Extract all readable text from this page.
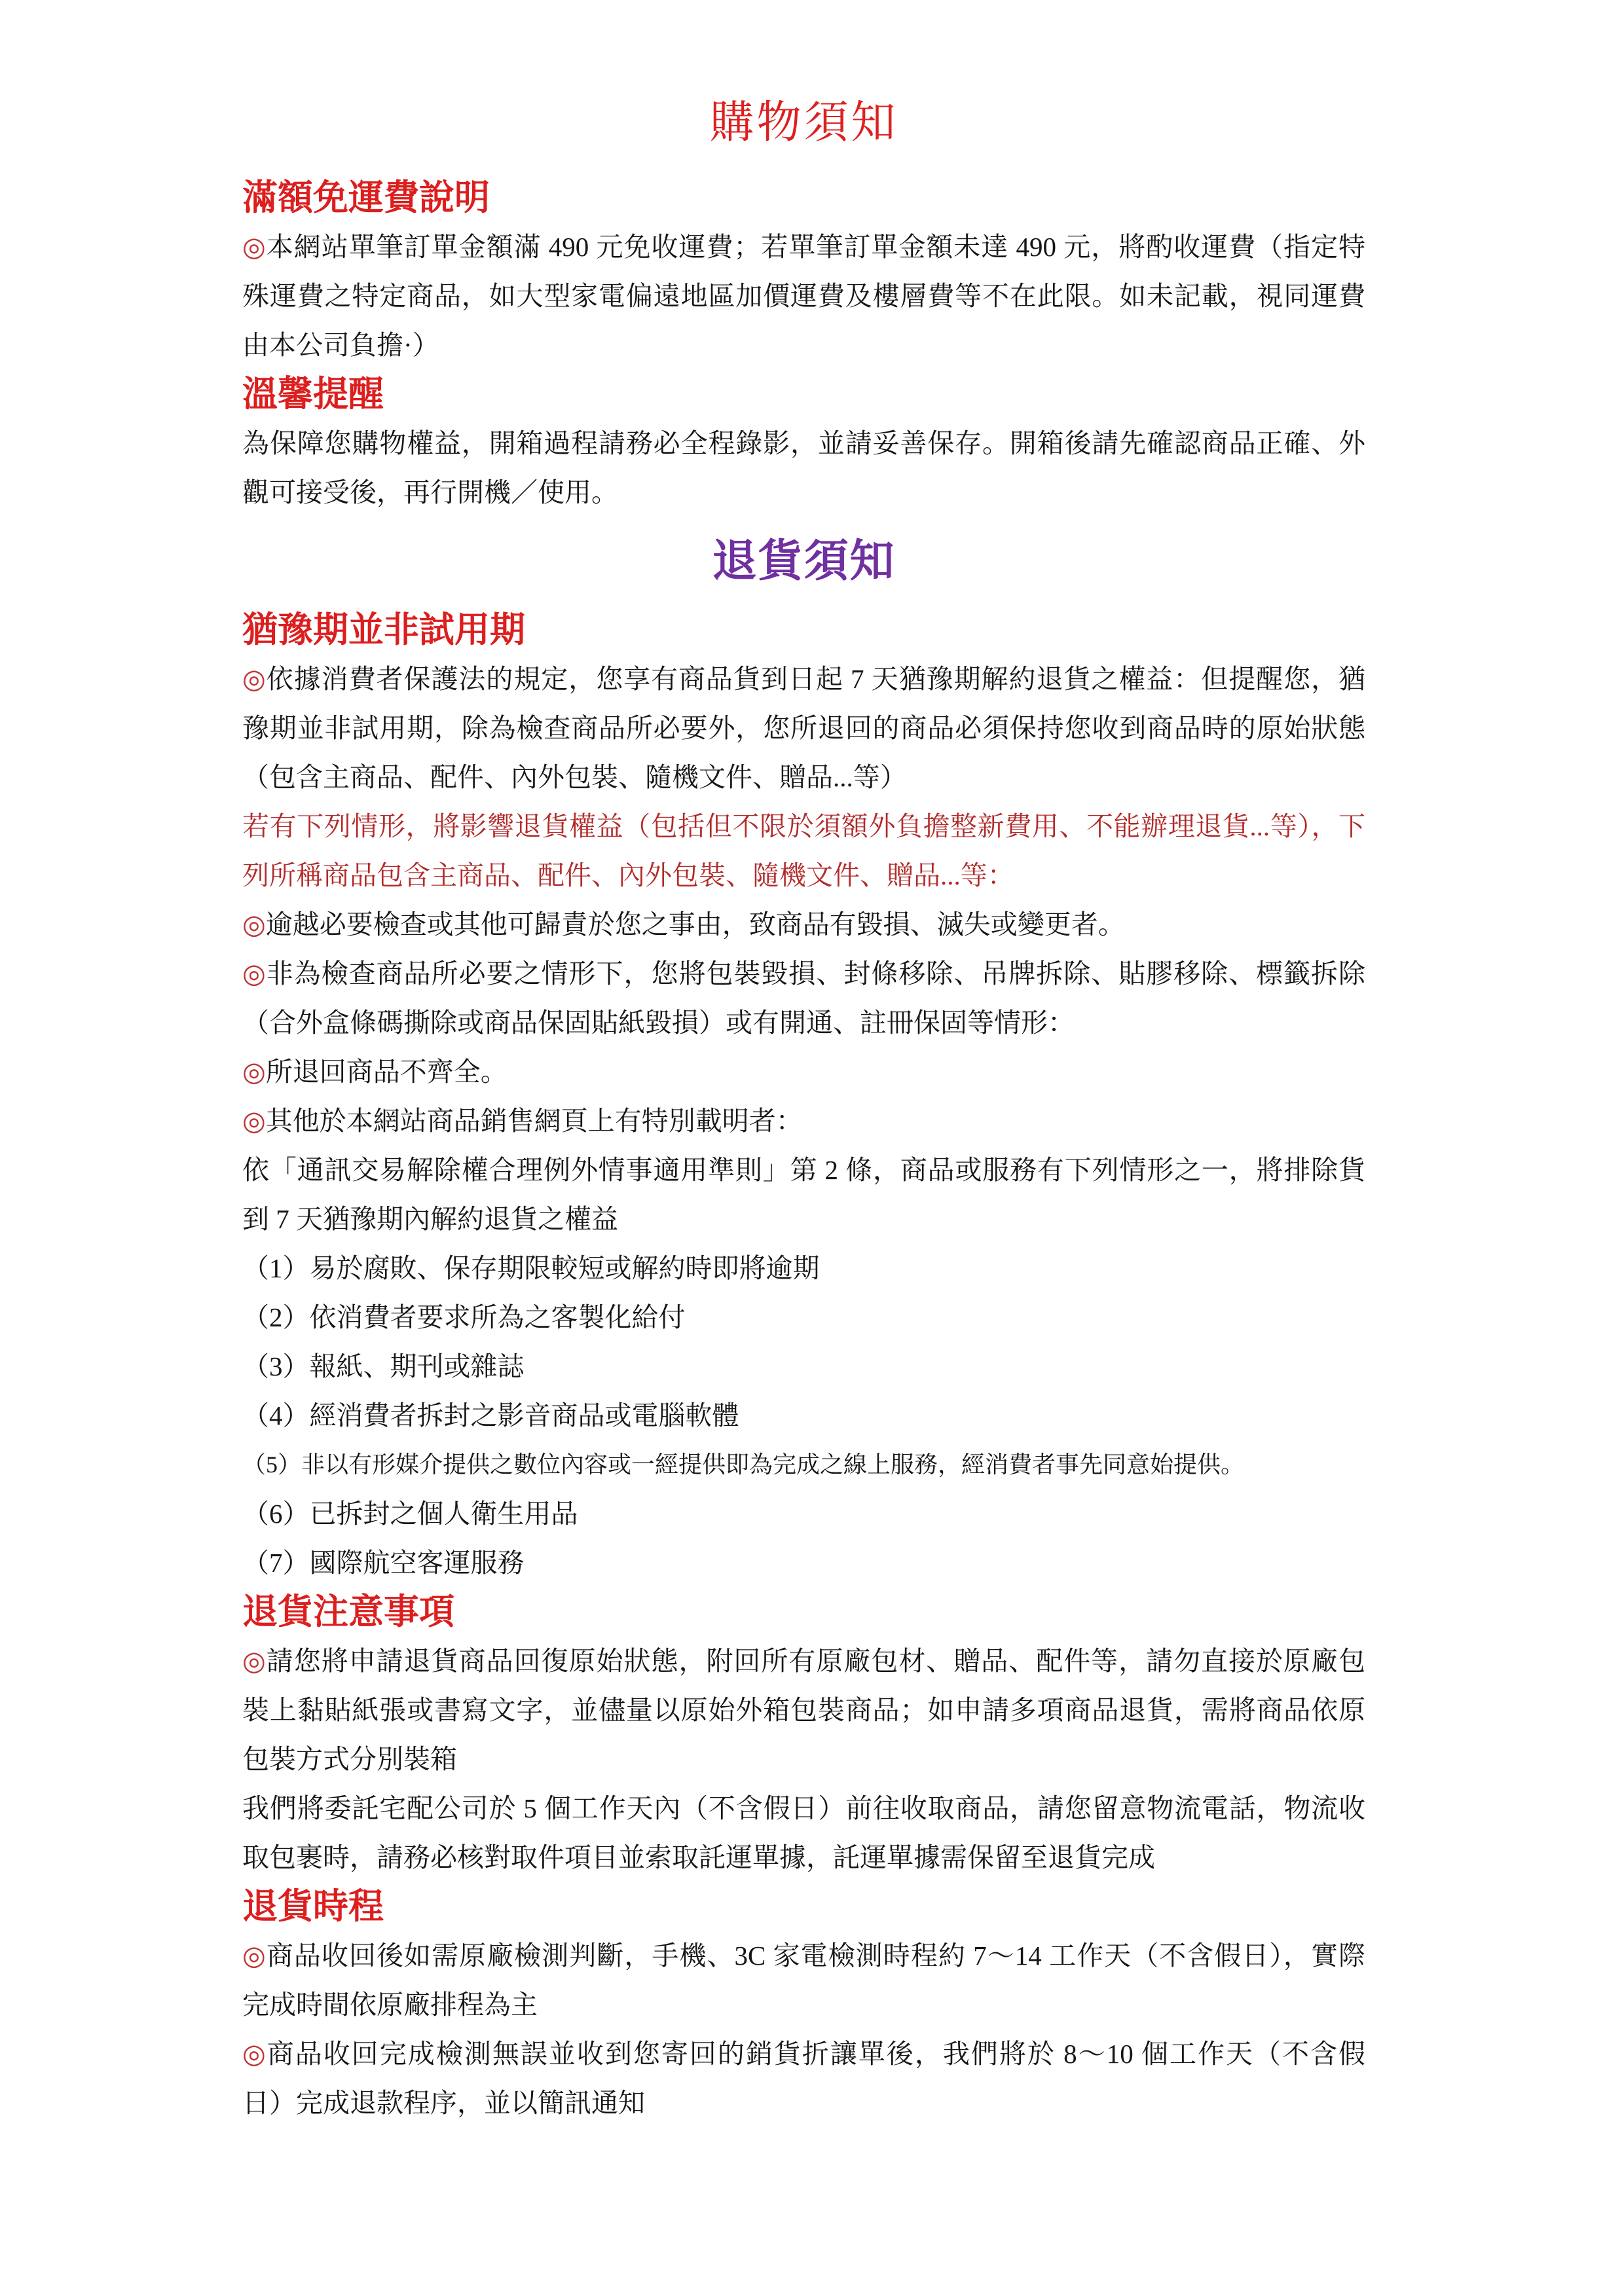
購物須知
滿額免運費說明
◎本網站單筆訂單金額滿 490 元免收運費；若單筆訂單金額未達 490 元，將酌收運費（指定特
殊運費之特定商品，如大型家電偏遠地區加價運費及樓層費等不在此限。如未記載，視同運費
由本公司負擔·）
溫馨提醒
為保障您購物權益，開箱過程請務必全程錄影，並請妥善保存。開箱後請先確認商品正確、外
觀可接受後，再行開機／使用。
退貨須知
猶豫期並非試用期
◎依據消費者保護法的規定，您享有商品貨到日起 7 天猶豫期解約退貨之權益：但提醒您，猶
豫期並非試用期，除為檢查商品所必要外，您所退回的商品必須保持您收到商品時的原始狀態
（包含主商品、配件、內外包裝、隨機文件、贈品...等）
若有下列情形，將影響退貨權益（包括但不限於須額外負擔整新費用、不能辦理退貨...等），下
列所稱商品包含主商品、配件、內外包裝、隨機文件、贈品...等：
◎逾越必要檢查或其他可歸責於您之事由，致商品有毀損、滅失或變更者。
◎非為檢查商品所必要之情形下，您將包裝毀損、封條移除、吊牌拆除、貼膠移除、標籤拆除
（合外盒條碼撕除或商品保固貼紙毀損）或有開通、註冊保固等情形：
◎所退回商品不齊全。
◎其他於本網站商品銷售網頁上有特別載明者：
依「通訊交易解除權合理例外情事適用準則」第 2 條，商品或服務有下列情形之一，將排除貨
到 7 天猶豫期內解約退貨之權益
（1）易於腐敗、保存期限較短或解約時即將逾期
（2）依消費者要求所為之客製化給付
（3）報紙、期刊或雜誌
（4）經消費者拆封之影音商品或電腦軟體
（5）非以有形媒介提供之數位內容或一經提供即為完成之線上服務，經消費者事先同意始提供。
（6）已拆封之個人衛生用品
（7）國際航空客運服務
退貨注意事項
◎請您將申請退貨商品回復原始狀態，附回所有原廠包材、贈品、配件等，請勿直接於原廠包
裝上黏貼紙張或書寫文字，並儘量以原始外箱包裝商品；如申請多項商品退貨，需將商品依原
包裝方式分別裝箱
我們將委託宅配公司於 5 個工作天內（不含假日）前往收取商品，請您留意物流電話，物流收
取包裹時，請務必核對取件項目並索取託運單據，託運單據需保留至退貨完成
退貨時程
◎商品收回後如需原廠檢測判斷，手機、3C 家電檢測時程約 7～14 工作天（不含假日），實際
完成時間依原廠排程為主
◎商品收回完成檢測無誤並收到您寄回的銷貨折讓單後，我們將於 8～10 個工作天（不含假
日）完成退款程序，並以簡訊通知
